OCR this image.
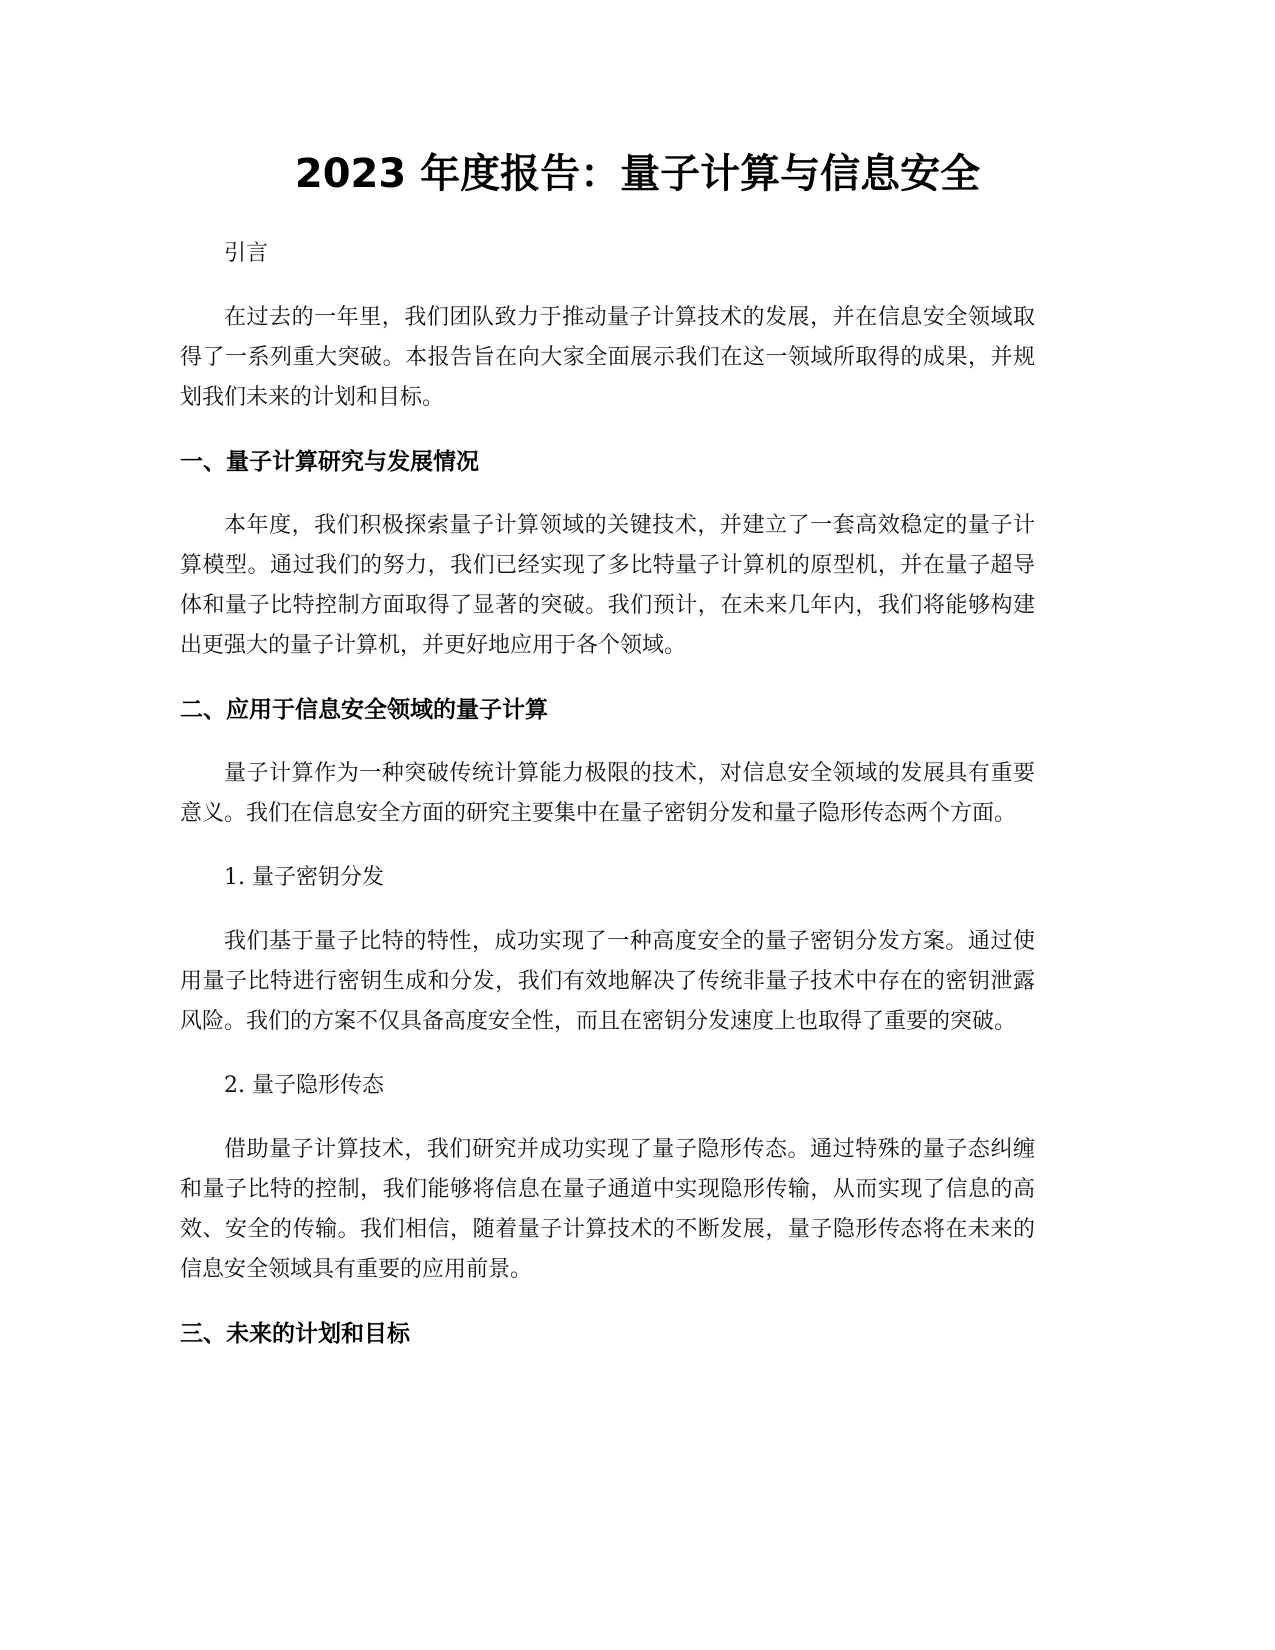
2023 年度报告：量子计算与信息安全

引言

在过去的一年里，我们团队致力于推动量子计算技术的发展，并在信息安全领域取得了一系列重大突破。本报告旨在向大家全面展示我们在这一领域所取得的成果，并规划我们未来的计划和目标。

一、量子计算研究与发展情况

本年度，我们积极探索量子计算领域的关键技术，并建立了一套高效稳定的量子计算模型。通过我们的努力，我们已经实现了多比特量子计算机的原型机，并在量子超导体和量子比特控制方面取得了显著的突破。我们预计，在未来几年内，我们将能够构建出更强大的量子计算机，并更好地应用于各个领域。

二、应用于信息安全领域的量子计算

量子计算作为一种突破传统计算能力极限的技术，对信息安全领域的发展具有重要意义。我们在信息安全方面的研究主要集中在量子密钥分发和量子隐形传态两个方面。

1. 量子密钥分发

我们基于量子比特的特性，成功实现了一种高度安全的量子密钥分发方案。通过使用量子比特进行密钥生成和分发，我们有效地解决了传统非量子技术中存在的密钥泄露风险。我们的方案不仅具备高度安全性，而且在密钥分发速度上也取得了重要的突破。

2. 量子隐形传态

借助量子计算技术，我们研究并成功实现了量子隐形传态。通过特殊的量子态纠缠和量子比特的控制，我们能够将信息在量子通道中实现隐形传输，从而实现了信息的高效、安全的传输。我们相信，随着量子计算技术的不断发展，量子隐形传态将在未来的信息安全领域具有重要的应用前景。

三、未来的计划和目标
